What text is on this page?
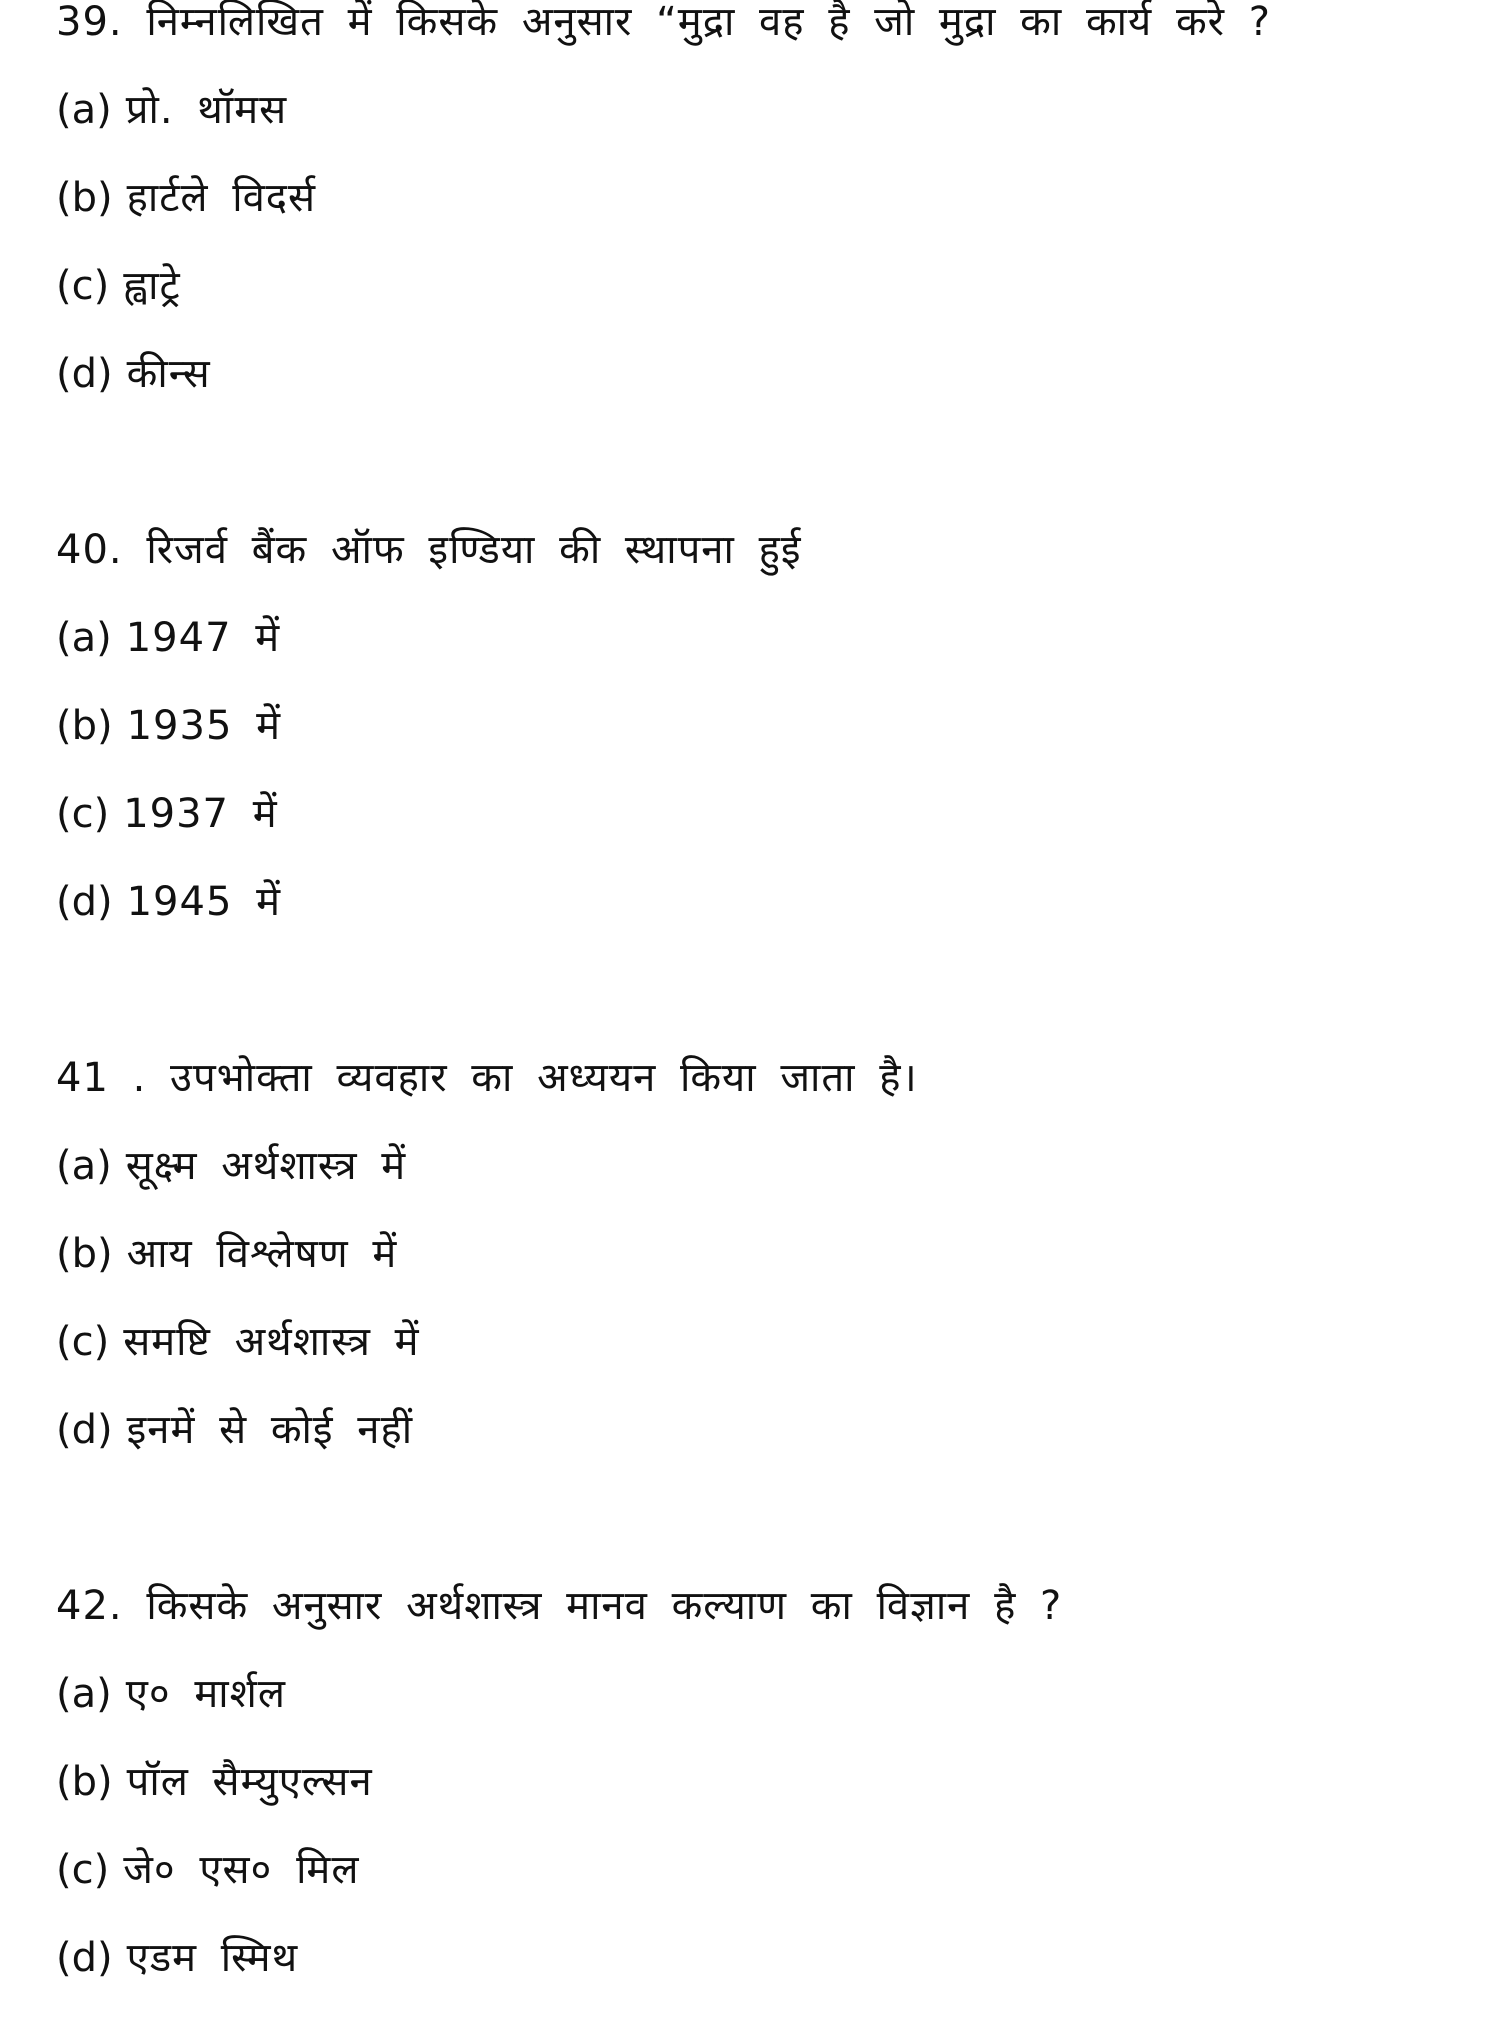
39. निम्नलिखित में किसके अनुसार “मुद्रा वह है जो मुद्रा का कार्य करे ?
(a) प्रो. थॉमस
(b) हार्टले विदर्स
(c) ह्वाट्रे
(d) कीन्स
40. रिजर्व बैंक ऑफ इण्डिया की स्थापना हुई
(a) 1947 में
(b) 1935 में
(c) 1937 में
(d) 1945 में
41 . उपभोक्ता व्यवहार का अध्ययन किया जाता है।
(a) सूक्ष्म अर्थशास्त्र में
(b) आय विश्लेषण में
(c) समष्टि अर्थशास्त्र में
(d) इनमें से कोई नहीं
42. किसके अनुसार अर्थशास्त्र मानव कल्याण का विज्ञान है ?
(a) ए० मार्शल
(b) पॉल सैम्युएल्सन
(c) जे० एस० मिल
(d) एडम स्मिथ
